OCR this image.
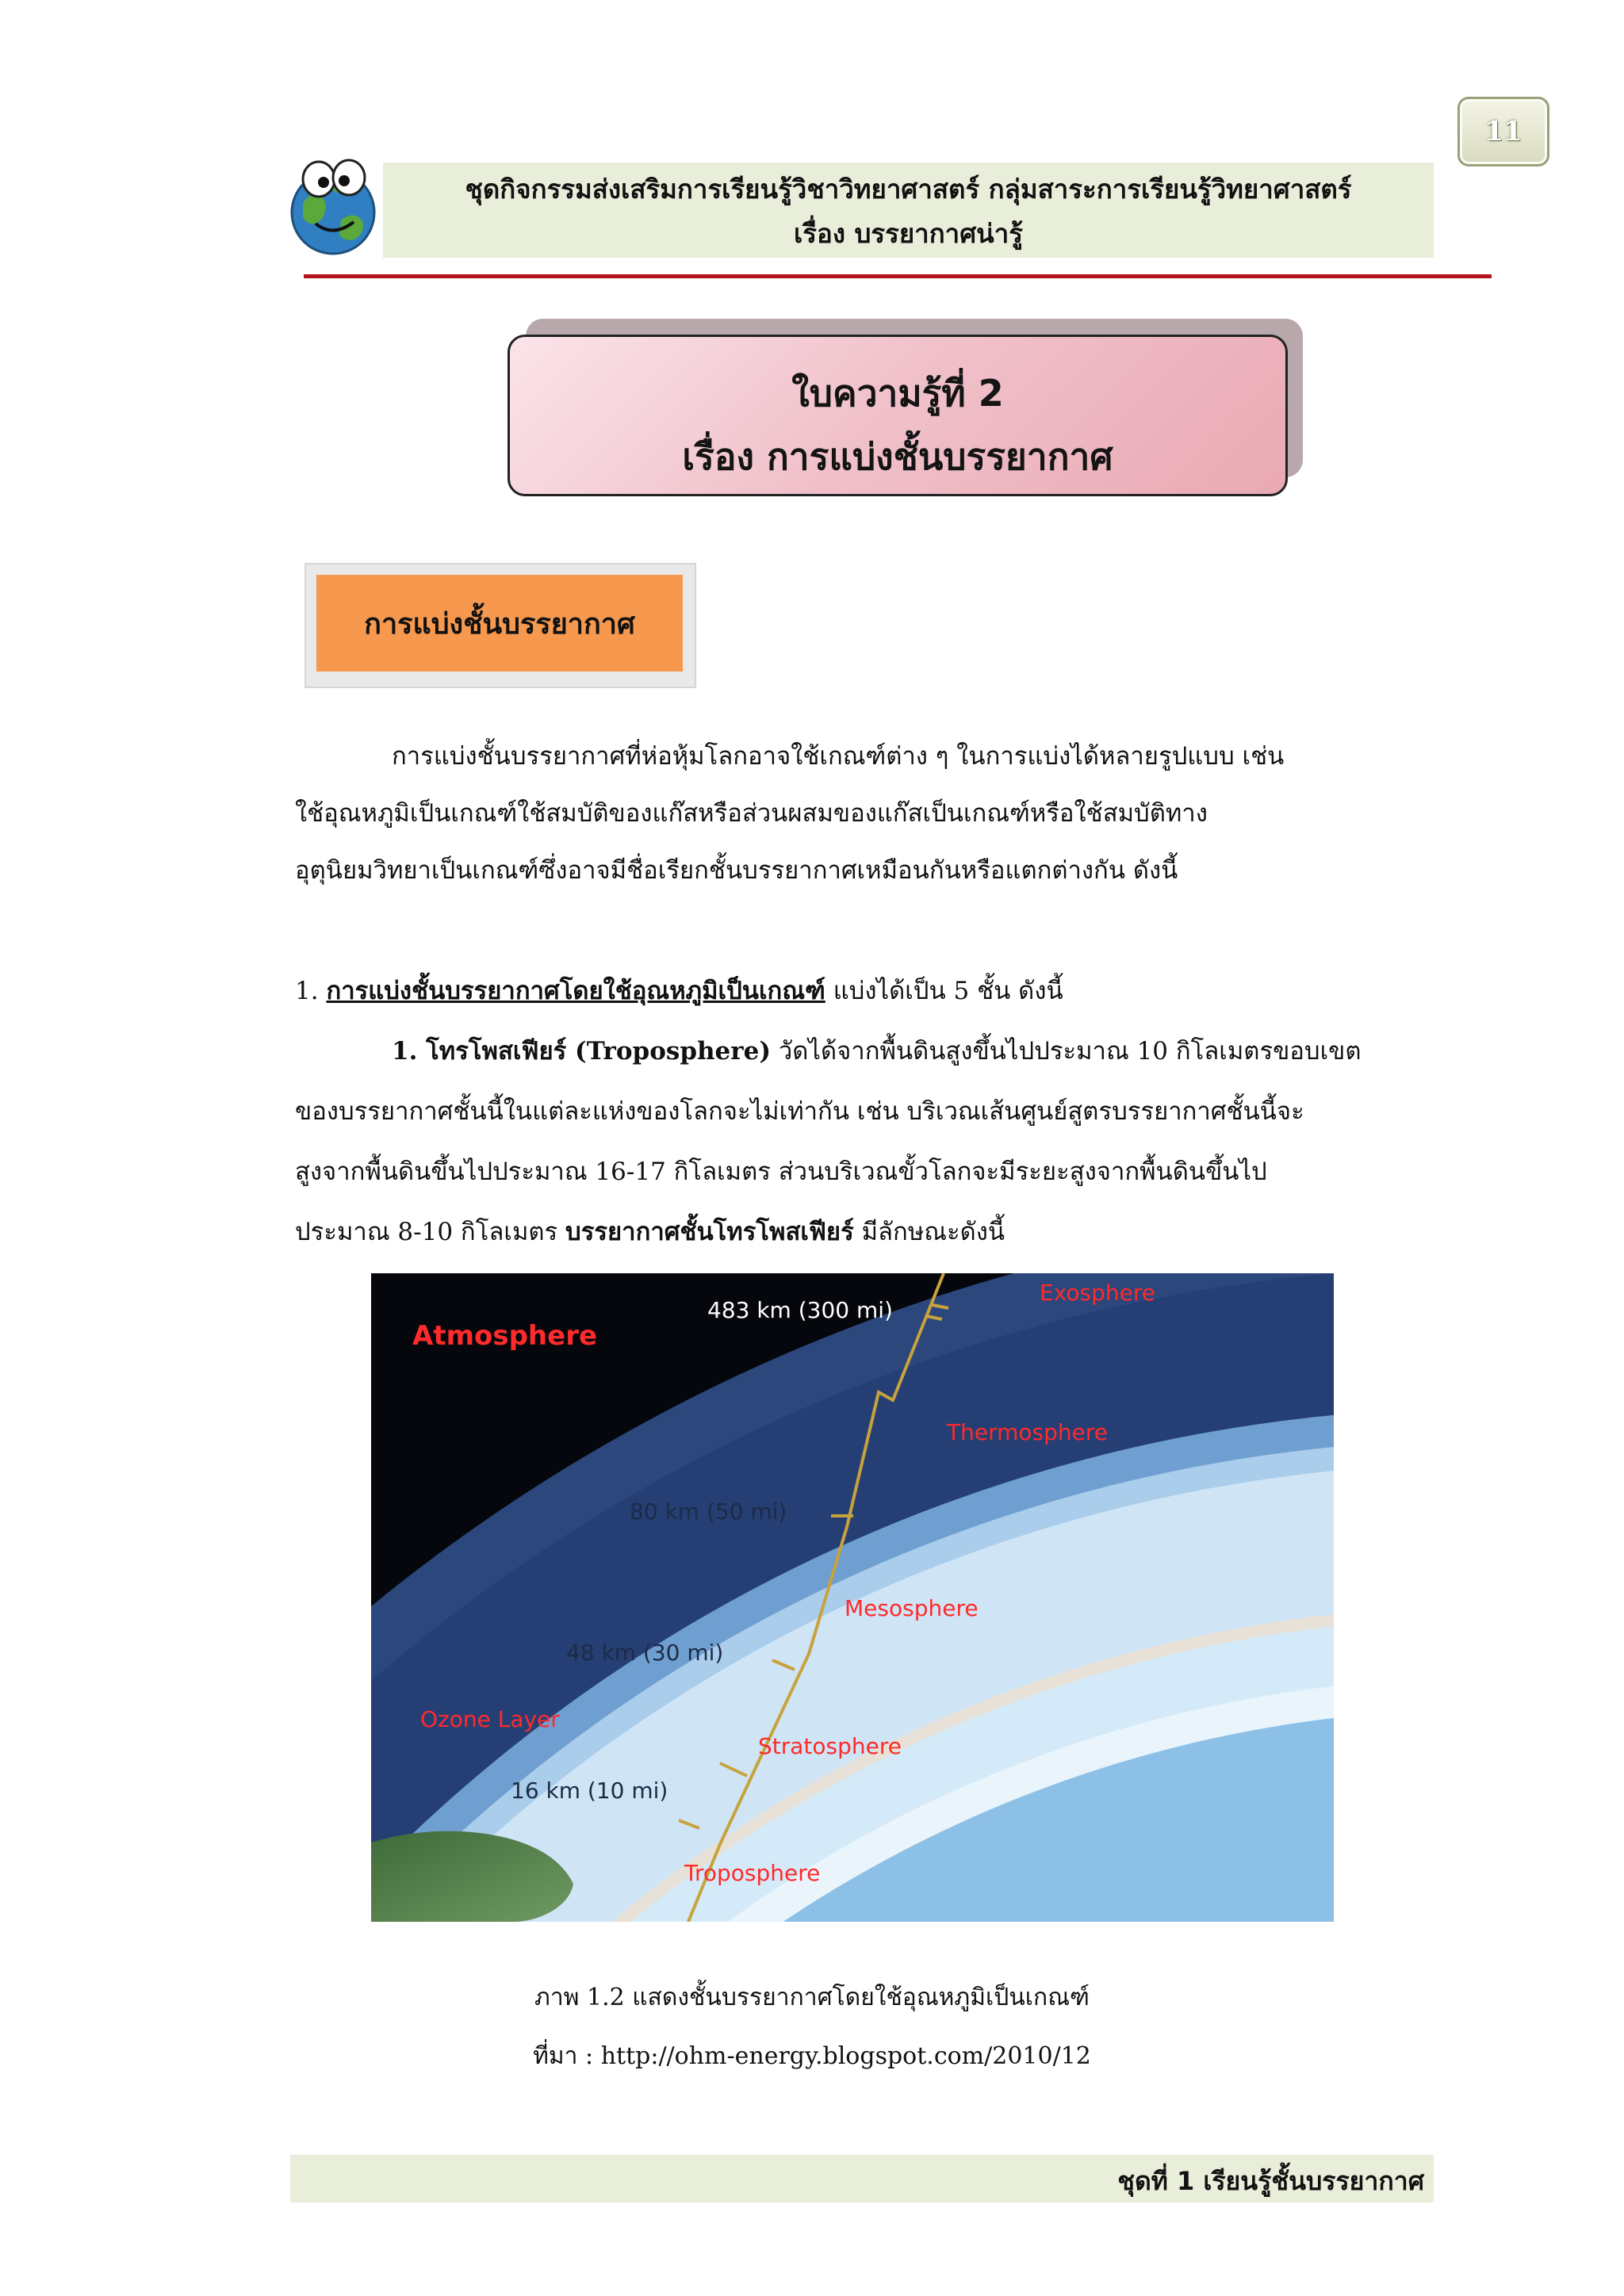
11
ชุดกิจกรรมส่งเสริมการเรียนรู้วิชาวิทยาศาสตร์ กลุ่มสาระการเรียนรู้วิทยาศาสตร์
เรื่อง บรรยากาศน่ารู้
ใบความรู้ที่ 2
เรื่อง การแบ่งชั้นบรรยากาศ
การแบ่งชั้นบรรยากาศ
การแบ่งชั้นบรรยากาศที่ห่อหุ้มโลกอาจใช้เกณฑ์ต่าง ๆ ในการแบ่งได้หลายรูปแบบ เช่น
ใช้อุณหภูมิเป็นเกณฑ์ใช้สมบัติของแก๊สหรือส่วนผสมของแก๊สเป็นเกณฑ์หรือใช้สมบัติทาง
อุตุนิยมวิทยาเป็นเกณฑ์ซึ่งอาจมีชื่อเรียกชั้นบรรยากาศเหมือนกันหรือแตกต่างกัน ดังนี้
1. การแบ่งชั้นบรรยากาศโดยใช้อุณหภูมิเป็นเกณฑ์ แบ่งได้เป็น 5 ชั้น ดังนี้
1. โทรโพสเฟียร์ (Troposphere) วัดได้จากพื้นดินสูงขึ้นไปประมาณ 10 กิโลเมตรขอบเขต
ของบรรยากาศชั้นนี้ในแต่ละแห่งของโลกจะไม่เท่ากัน เช่น บริเวณเส้นศูนย์สูตรบรรยากาศชั้นนี้จะ
สูงจากพื้นดินขึ้นไปประมาณ 16-17 กิโลเมตร ส่วนบริเวณขั้วโลกจะมีระยะสูงจากพื้นดินขึ้นไป
ประมาณ 8-10 กิโลเมตร บรรยากาศชั้นโทรโพสเฟียร์ มีลักษณะดังนี้
Atmosphere
Exosphere
Thermosphere
Mesosphere
Stratosphere
Troposphere
Ozone Layer
483 km (300 mi)
80 km (50 mi)
48 km (30 mi)
16 km (10 mi)
ภาพ 1.2 แสดงชั้นบรรยากาศโดยใช้อุณหภูมิเป็นเกณฑ์
ที่มา : http://ohm-energy.blogspot.com/2010/12
ชุดที่ 1 เรียนรู้ชั้นบรรยากาศ
